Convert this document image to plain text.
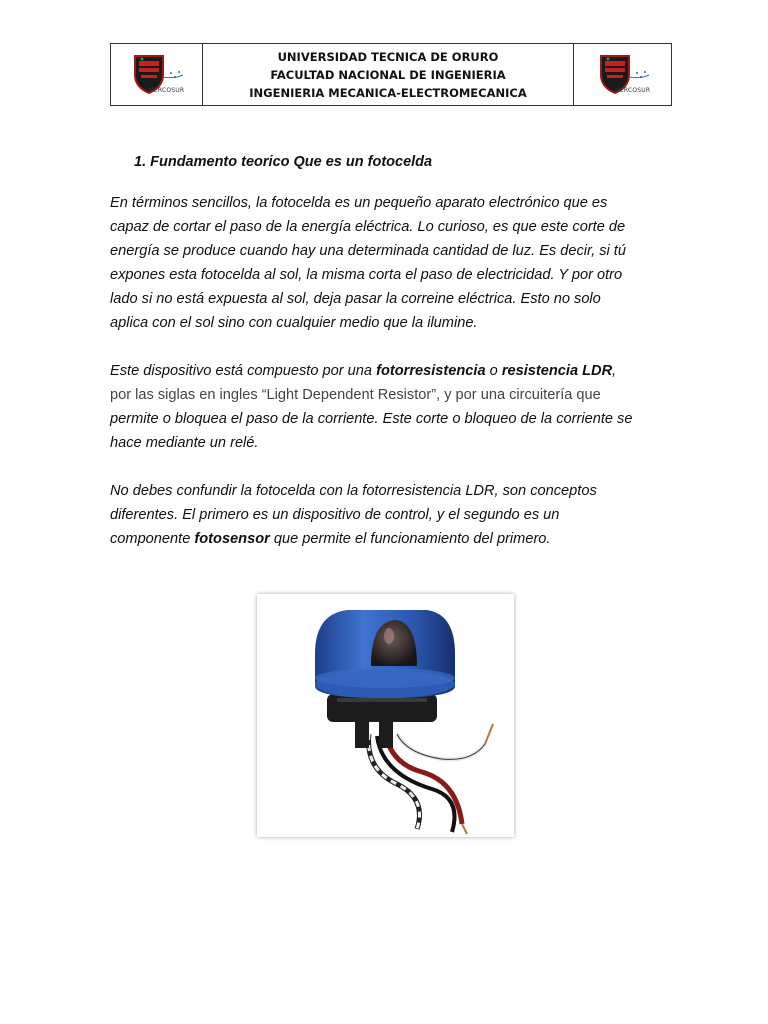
MERCOSUR
UNIVERSIDAD TECNICA DE ORURO
FACULTAD NACIONAL DE INGENIERIA
INGENIERIA MECANICA-ELECTROMECANICA	MERCOSUR
1. Fundamento teorico Que es un fotocelda

En términos sencillos, la fotocelda es un pequeño aparato electrónico que es

capaz de cortar el paso de la energía eléctrica. Lo curioso, es que este corte de

energía se produce cuando hay una determinada cantidad de luz. Es decir, si tú

expones esta fotocelda al sol, la misma corta el paso de electricidad. Y por otro

lado si no está expuesta al sol, deja pasar la correine eléctrica. Esto no solo

aplica con el sol sino con cualquier medio que la ilumine.

Este dispositivo está compuesto por una fotorresistencia o resistencia LDR,

por las siglas en ingles “Light Dependent Resistor”, y por una circuitería que

permite o bloquea el paso de la corriente. Este corte o bloqueo de la corriente se

hace mediante un relé.

No debes confundir la fotocelda con la fotorresistencia LDR, son conceptos

diferentes. El primero es un dispositivo de control, y el segundo es un

componente fotosensor que permite el funcionamiento del primero.
